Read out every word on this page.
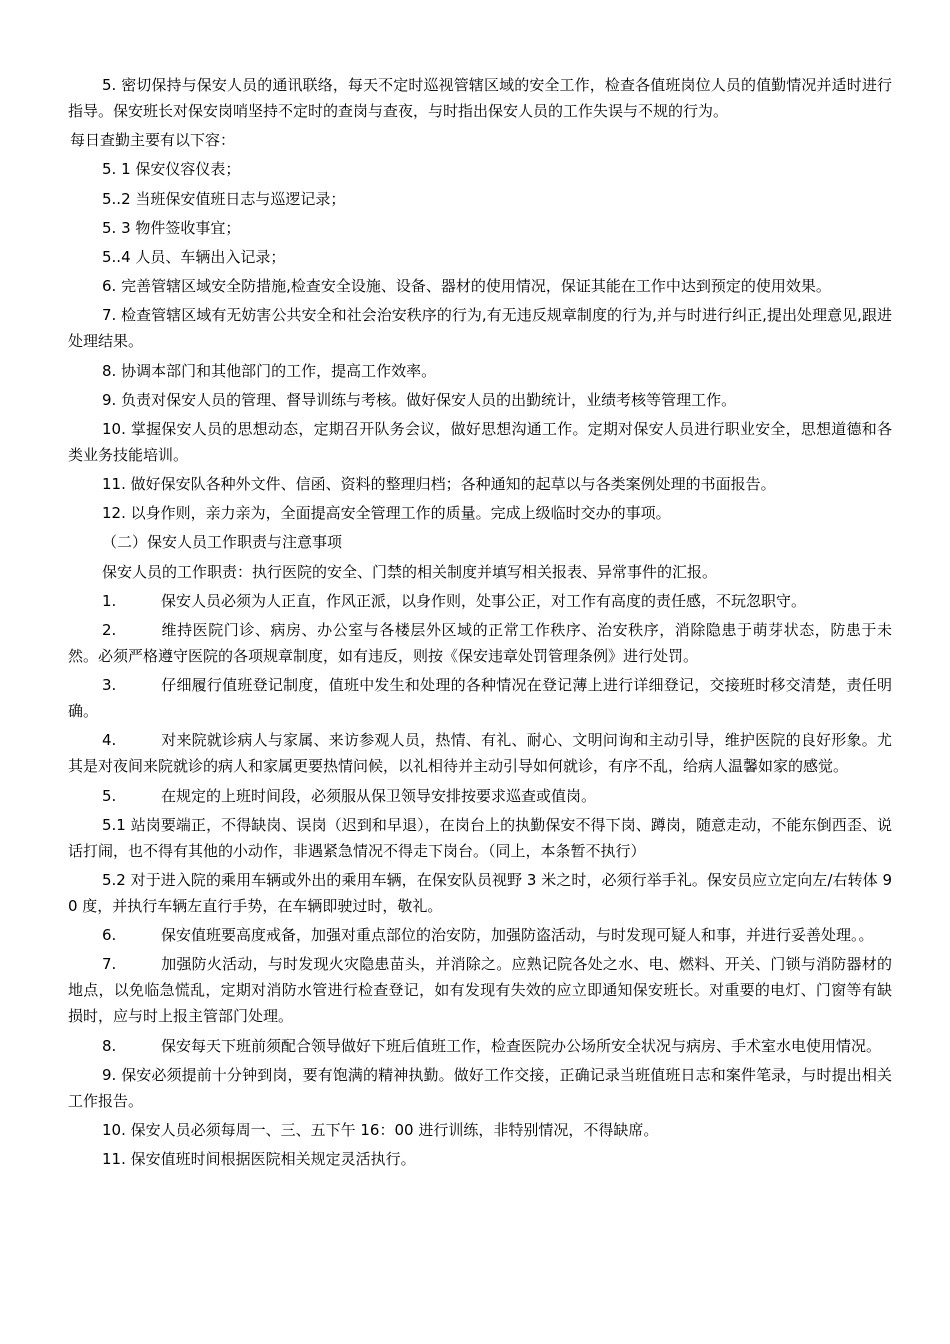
5. 密切保持与保安人员的通讯联络，每天不定时巡视管辖区域的安全工作，检查各值班岗位人员的值勤情况并适时进行指导。保安班长对保安岗哨坚持不定时的查岗与查夜，与时指出保安人员的工作失误与不规的行为。

每日查勤主要有以下容：

5. 1 保安仪容仪表；

5..2 当班保安值班日志与巡逻记录；

5. 3 物件签收事宜；

5..4 人员、车辆出入记录；

6. 完善管辖区域安全防措施,检查安全设施、设备、器材的使用情况，保证其能在工作中达到预定的使用效果。

7. 检查管辖区域有无妨害公共安全和社会治安秩序的行为,有无违反规章制度的行为,并与时进行纠正,提出处理意见,跟进处理结果。

8. 协调本部门和其他部门的工作，提高工作效率。

9. 负责对保安人员的管理、督导训练与考核。做好保安人员的出勤统计，业绩考核等管理工作。

10. 掌握保安人员的思想动态，定期召开队务会议，做好思想沟通工作。定期对保安人员进行职业安全，思想道德和各类业务技能培训。

11. 做好保安队各种外文件、信函、资料的整理归档；各种通知的起草以与各类案例处理的书面报告。

12. 以身作则，亲力亲为，全面提高安全管理工作的质量。完成上级临时交办的事项。

（二）保安人员工作职责与注意事项

保安人员的工作职责：执行医院的安全、门禁的相关制度并填写相关报表、异常事件的汇报。

1.	保安人员必须为人正直，作风正派，以身作则，处事公正，对工作有高度的责任感，不玩忽职守。

2.	维持医院门诊、病房、办公室与各楼层外区域的正常工作秩序、治安秩序，消除隐患于萌芽状态，防患于未然。必须严格遵守医院的各项规章制度，如有违反，则按《保安违章处罚管理条例》进行处罚。

3.	仔细履行值班登记制度，值班中发生和处理的各种情况在登记薄上进行详细登记，交接班时移交清楚，责任明确。

4.	对来院就诊病人与家属、来访参观人员，热情、有礼、耐心、文明问询和主动引导，维护医院的良好形象。尤其是对夜间来院就诊的病人和家属更要热情问候，以礼相待并主动引导如何就诊，有序不乱，给病人温馨如家的感觉。

5.	在规定的上班时间段，必须服从保卫领导安排按要求巡查或值岗。

5.1 站岗要端正，不得缺岗、误岗（迟到和早退），在岗台上的执勤保安不得下岗、蹲岗，随意走动，不能东倒西歪、说话打闹，也不得有其他的小动作，非遇紧急情况不得走下岗台。（同上，本条暂不执行）

5.2 对于进入院的乘用车辆或外出的乘用车辆，在保安队员视野 3 米之时，必须行举手礼。保安员应立定向左/右转体 90 度，并执行车辆左直行手势，在车辆即驶过时，敬礼。

6.	保安值班要高度戒备，加强对重点部位的治安防，加强防盗活动，与时发现可疑人和事，并进行妥善处理。。

7.	加强防火活动，与时发现火灾隐患苗头，并消除之。应熟记院各处之水、电、燃料、开关、门锁与消防器材的地点，以免临急慌乱，定期对消防水管进行检查登记，如有发现有失效的应立即通知保安班长。对重要的电灯、门窗等有缺损时，应与时上报主管部门处理。

8.	保安每天下班前须配合领导做好下班后值班工作，检查医院办公场所安全状况与病房、手术室水电使用情况。

9. 保安必须提前十分钟到岗，要有饱满的精神执勤。做好工作交接，正确记录当班值班日志和案件笔录，与时提出相关工作报告。

10. 保安人员必须每周一、三、五下午 16：00 进行训练，非特别情况，不得缺席。

11. 保安值班时间根据医院相关规定灵活执行。
